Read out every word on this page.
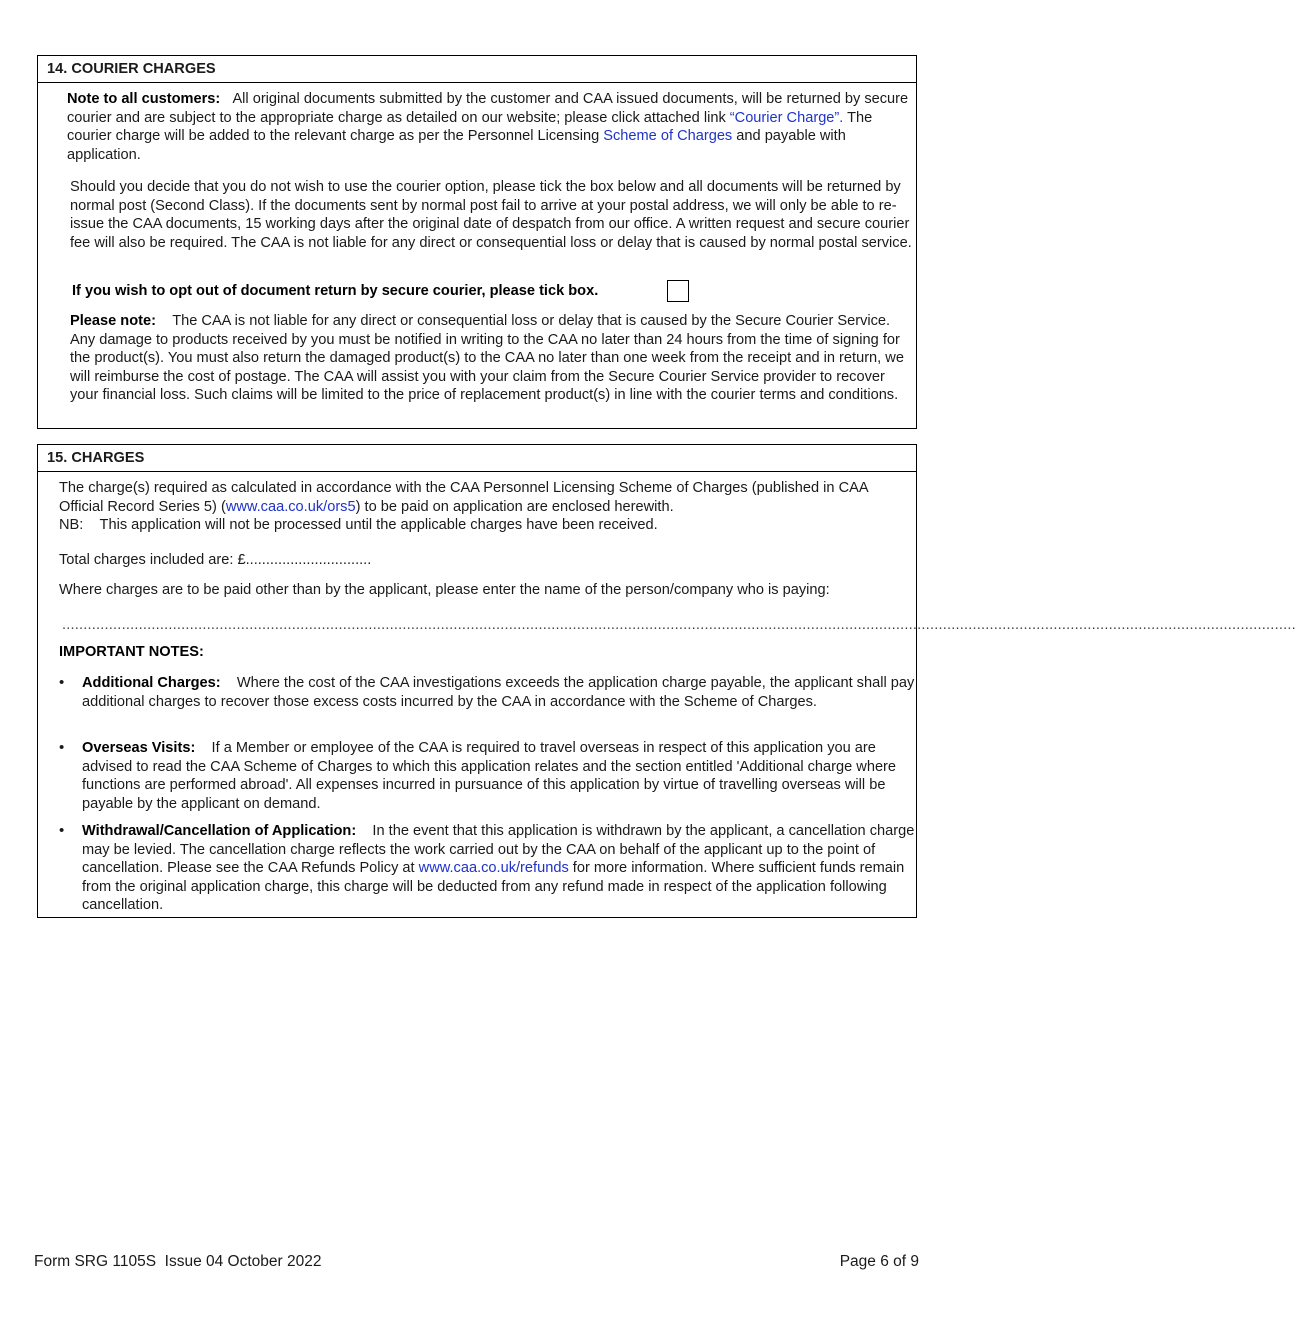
14. COURIER CHARGES

Note to all customers: All original documents submitted by the customer and CAA issued documents, will be returned by secure courier and are subject to the appropriate charge as detailed on our website; please click attached link “Courier Charge”. The courier charge will be added to the relevant charge as per the Personnel Licensing Scheme of Charges and payable with application.

Should you decide that you do not wish to use the courier option, please tick the box below and all documents will be returned by normal post (Second Class). If the documents sent by normal post fail to arrive at your postal address, we will only be able to re-issue the CAA documents, 15 working days after the original date of despatch from our office. A written request and secure courier fee will also be required. The CAA is not liable for any direct or consequential loss or delay that is caused by normal postal service.

If you wish to opt out of document return by secure courier, please tick box.

Please note: The CAA is not liable for any direct or consequential loss or delay that is caused by the Secure Courier Service. Any damage to products received by you must be notified in writing to the CAA no later than 24 hours from the time of signing for the product(s). You must also return the damaged product(s) to the CAA no later than one week from the receipt and in return, we will reimburse the cost of postage. The CAA will assist you with your claim from the Secure Courier Service provider to recover your financial loss. Such claims will be limited to the price of replacement product(s) in line with the courier terms and conditions.

15. CHARGES

The charge(s) required as calculated in accordance with the CAA Personnel Licensing Scheme of Charges (published in CAA Official Record Series 5) (www.caa.co.uk/ors5) to be paid on application are enclosed herewith.
NB: This application will not be processed until the applicable charges have been received.

Total charges included are: £...............................

Where charges are to be paid other than by the applicant, please enter the name of the person/company who is paying:

..................................................................................................................................................................................................................................................................................................

IMPORTANT NOTES:

• Additional Charges: Where the cost of the CAA investigations exceeds the application charge payable, the applicant shall pay additional charges to recover those excess costs incurred by the CAA in accordance with the Scheme of Charges.

• Overseas Visits: If a Member or employee of the CAA is required to travel overseas in respect of this application you are advised to read the CAA Scheme of Charges to which this application relates and the section entitled 'Additional charge where functions are performed abroad'. All expenses incurred in pursuance of this application by virtue of travelling overseas will be payable by the applicant on demand.

• Withdrawal/Cancellation of Application: In the event that this application is withdrawn by the applicant, a cancellation charge may be levied. The cancellation charge reflects the work carried out by the CAA on behalf of the applicant up to the point of cancellation. Please see the CAA Refunds Policy at www.caa.co.uk/refunds for more information. Where sufficient funds remain from the original application charge, this charge will be deducted from any refund made in respect of the application following cancellation.

Form SRG 1105S  Issue 04 October 2022	Page 6 of 9
